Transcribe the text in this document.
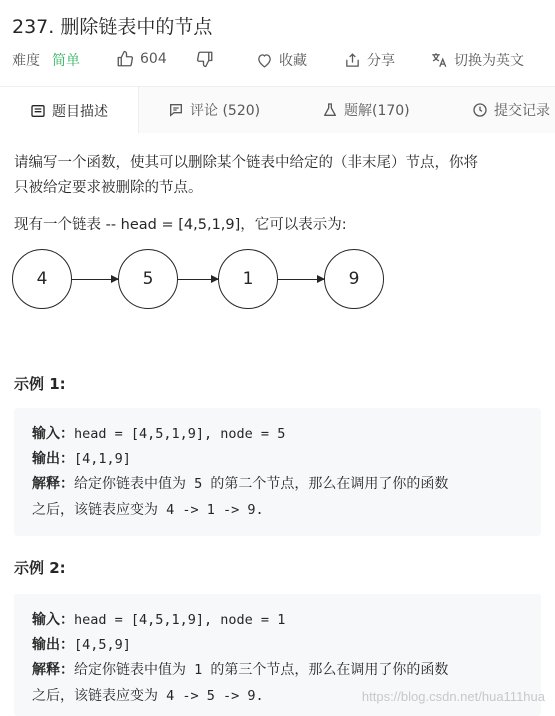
237. 删除链表中的节点
难度 简单	604	收藏	分享	切换为英文
题目描述	评论 (520)	题解(170)	提交记录
请编写一个函数，使其可以删除某个链表中给定的（非末尾）节点，你将
只被给定要求被删除的节点。
现有一个链表 -- head = [4,5,1,9]，它可以表示为:
4	5	1	9
示例 1:
输入：head = [4,5,1,9], node = 5
输出：[4,1,9]
解释：给定你链表中值为 5 的第二个节点，那么在调用了你的函数
之后，该链表应变为 4 -> 1 -> 9.
示例 2:
输入：head = [4,5,1,9], node = 1
输出：[4,5,9]
解释：给定你链表中值为 1 的第三个节点，那么在调用了你的函数
之后，该链表应变为 4 -> 5 -> 9.	https://blog.csdn.net/hua111hua
